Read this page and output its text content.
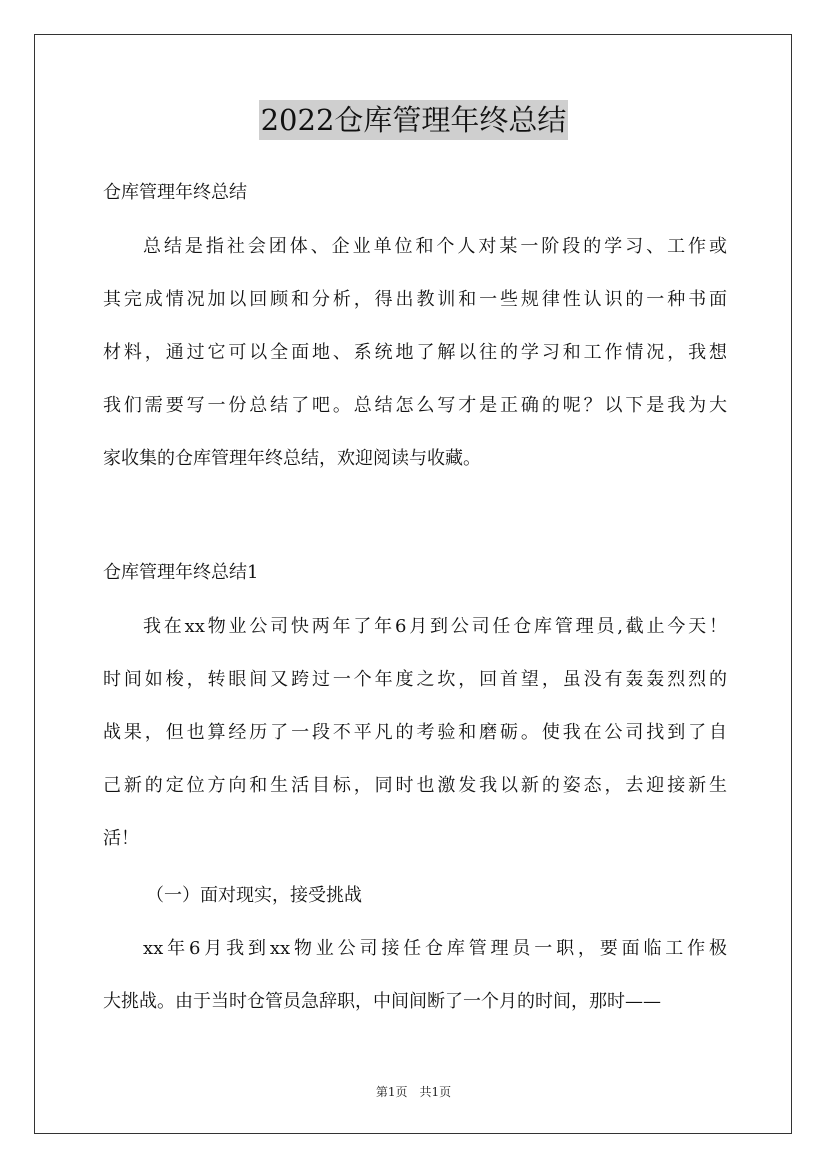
2022仓库管理年终总结
仓库管理年终总结
总结是指社会团体、企业单位和个人对某一阶段的学习、工作或
其完成情况加以回顾和分析，得出教训和一些规律性认识的一种书面
材料，通过它可以全面地、系统地了解以往的学习和工作情况，我想
我们需要写一份总结了吧。总结怎么写才是正确的呢？以下是我为大
家收集的仓库管理年终总结，欢迎阅读与收藏。
仓库管理年终总结1
我在xx物业公司快两年了年6月到公司任仓库管理员,截止今天！
时间如梭，转眼间又跨过一个年度之坎，回首望，虽没有轰轰烈烈的
战果，但也算经历了一段不平凡的考验和磨砺。使我在公司找到了自
己新的定位方向和生活目标，同时也激发我以新的姿态，去迎接新生
活！
（一）面对现实，接受挑战
xx年6月我到xx物业公司接任仓库管理员一职，要面临工作极
大挑战。由于当时仓管员急辞职，中间间断了一个月的时间，那时——
第1页　共1页
